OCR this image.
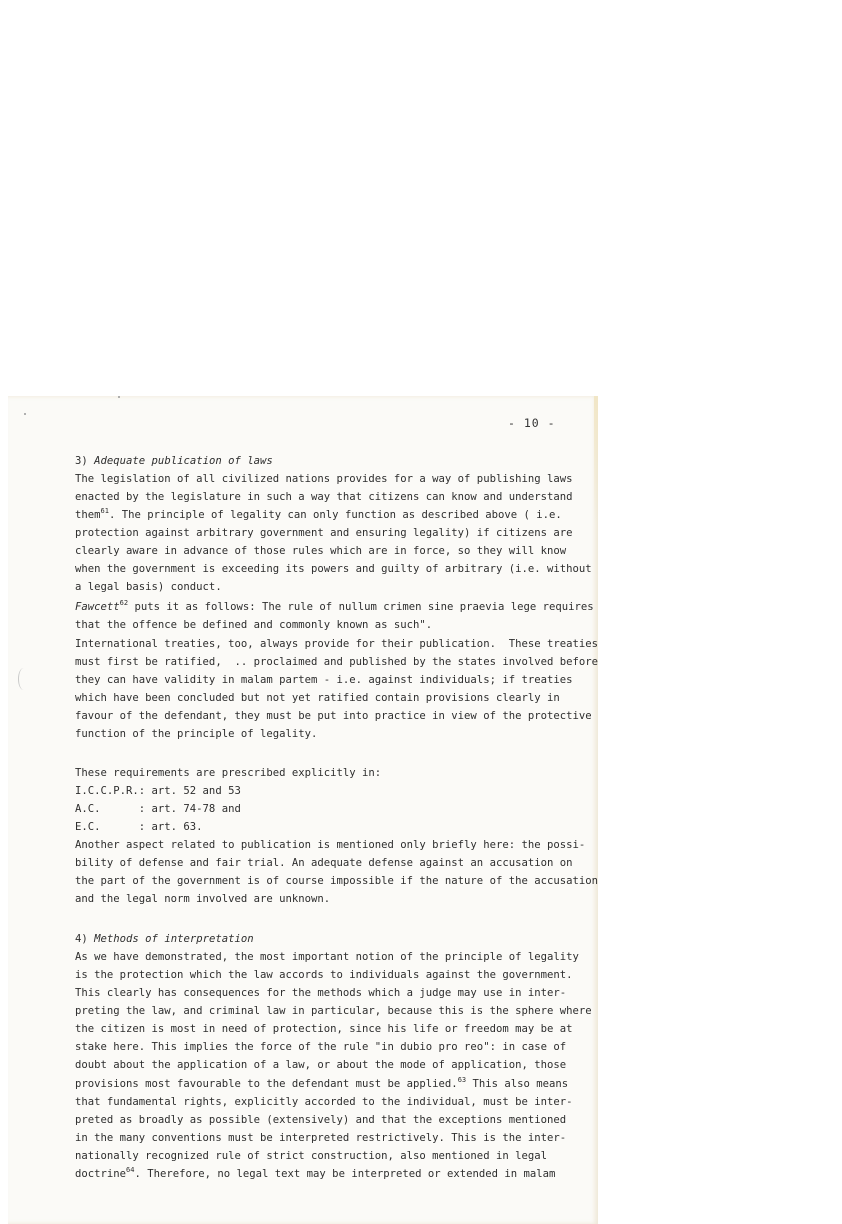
- 10 -
3) Adequate publication of laws
The legislation of all civilized nations provides for a way of publishing laws
enacted by the legislature in such a way that citizens can know and understand
them$^{61}$. The principle of legality can only function as described above ( i.e.
protection against arbitrary government and ensuring legality) if citizens are
clearly aware in advance of those rules which are in force, so they will know
when the government is exceeding its powers and guilty of arbitrary (i.e. without
a legal basis) conduct.
Fawcett$^{62}$ puts it as follows: The rule of nullum crimen sine praevia lege requires
that the offence be defined and commonly known as such".
International treaties, too, always provide for their publication.  These treaties
must first be ratified,  .. proclaimed and published by the states involved before
they can have validity in malam partem - i.e. against individuals; if treaties
which have been concluded but not yet ratified contain provisions clearly in
favour of the defendant, they must be put into practice in view of the protective
function of the principle of legality.
These requirements are prescribed explicitly in:
I.C.C.P.R.: art. 52 and 53
A.C.      : art. 74-78 and
E.C.      : art. 63.
Another aspect related to publication is mentioned only briefly here: the possi-
bility of defense and fair trial. An adequate defense against an accusation on
the part of the government is of course impossible if the nature of the accusation
and the legal norm involved are unknown.
4) Methods of interpretation
As we have demonstrated, the most important notion of the principle of legality
is the protection which the law accords to individuals against the government.
This clearly has consequences for the methods which a judge may use in inter-
preting the law, and criminal law in particular, because this is the sphere where
the citizen is most in need of protection, since his life or freedom may be at
stake here. This implies the force of the rule "in dubio pro reo": in case of
doubt about the application of a law, or about the mode of application, those
provisions most favourable to the defendant must be applied.$^{63}$ This also means
that fundamental rights, explicitly accorded to the individual, must be inter-
preted as broadly as possible (extensively) and that the exceptions mentioned
in the many conventions must be interpreted restrictively. This is the inter-
nationally recognized rule of strict construction, also mentioned in legal
doctrine$^{64}$. Therefore, no legal text may be interpreted or extended in malam
